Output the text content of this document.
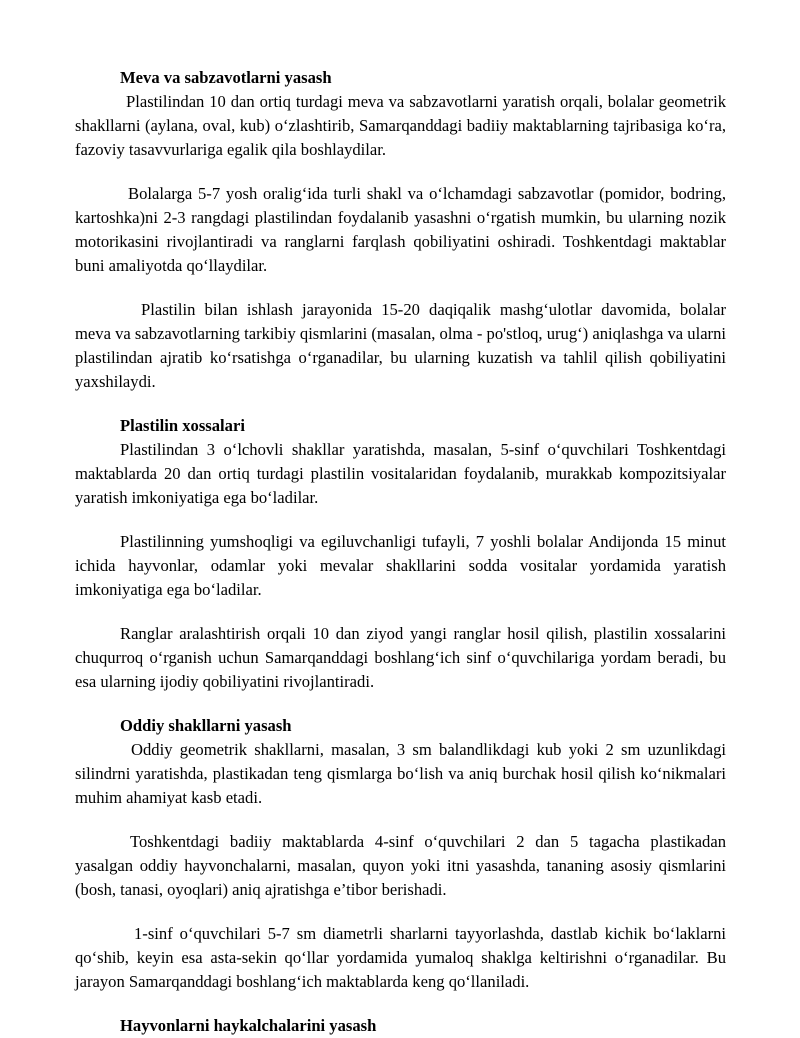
Meva va sabzavotlarni yasash

Plastilindan 10 dan ortiq turdagi meva va sabzavotlarni yaratish orqali, bolalar geometrik shakllarni (aylana, oval, kub) o‘zlashtirib, Samarqanddagi badiiy maktablarning tajribasiga ko‘ra, fazoviy tasavvurlariga egalik qila boshlaydilar.

Bolalarga 5-7 yosh oralig‘ida turli shakl va o‘lchamdagi sabzavotlar (pomidor, bodring, kartoshka)ni 2-3 rangdagi plastilindan foydalanib yasashni o‘rgatish mumkin, bu ularning nozik motorikasini rivojlantiradi va ranglarni farqlash qobiliyatini oshiradi. Toshkentdagi maktablar buni amaliyotda qo‘llaydilar.

Plastilin bilan ishlash jarayonida 15-20 daqiqalik mashg‘ulotlar davomida, bolalar meva va sabzavotlarning tarkibiy qismlarini (masalan, olma - po'stloq, urug‘) aniqlashga va ularni plastilindan ajratib ko‘rsatishga o‘rganadilar, bu ularning kuzatish va tahlil qilish qobiliyatini yaxshilaydi.

Plastilin xossalari

Plastilindan 3 o‘lchovli shakllar yaratishda, masalan, 5-sinf o‘quvchilari Toshkentdagi maktablarda 20 dan ortiq turdagi plastilin vositalaridan foydalanib, murakkab kompozitsiyalar yaratish imkoniyatiga ega bo‘ladilar.

Plastilinning yumshoqligi va egiluvchanligi tufayli, 7 yoshli bolalar Andijonda 15 minut ichida hayvonlar, odamlar yoki mevalar shakllarini sodda vositalar yordamida yaratish imkoniyatiga ega bo‘ladilar.

Ranglar aralashtirish orqali 10 dan ziyod yangi ranglar hosil qilish, plastilin xossalarini chuqurroq o‘rganish uchun Samarqanddagi boshlang‘ich sinf o‘quvchilariga yordam beradi, bu esa ularning ijodiy qobiliyatini rivojlantiradi.

Oddiy shakllarni yasash

Oddiy geometrik shakllarni, masalan, 3 sm balandlikdagi kub yoki 2 sm uzunlikdagi silindrni yaratishda, plastikadan teng qismlarga bo‘lish va aniq burchak hosil qilish ko‘nikmalari muhim ahamiyat kasb etadi.

Toshkentdagi badiiy maktablarda 4-sinf o‘quvchilari 2 dan 5 tagacha plastikadan yasalgan oddiy hayvonchalarni, masalan, quyon yoki itni yasashda, tananing asosiy qismlarini (bosh, tanasi, oyoqlari) aniq ajratishga e’tibor berishadi.

1-sinf o‘quvchilari 5-7 sm diametrli sharlarni tayyorlashda, dastlab kichik bo‘laklarni qo‘shib, keyin esa asta-sekin qo‘llar yordamida yumaloq shaklga keltirishni o‘rganadilar. Bu jarayon Samarqanddagi boshlang‘ich maktablarda keng qo‘llaniladi.

Hayvonlarni haykalchalarini yasash
